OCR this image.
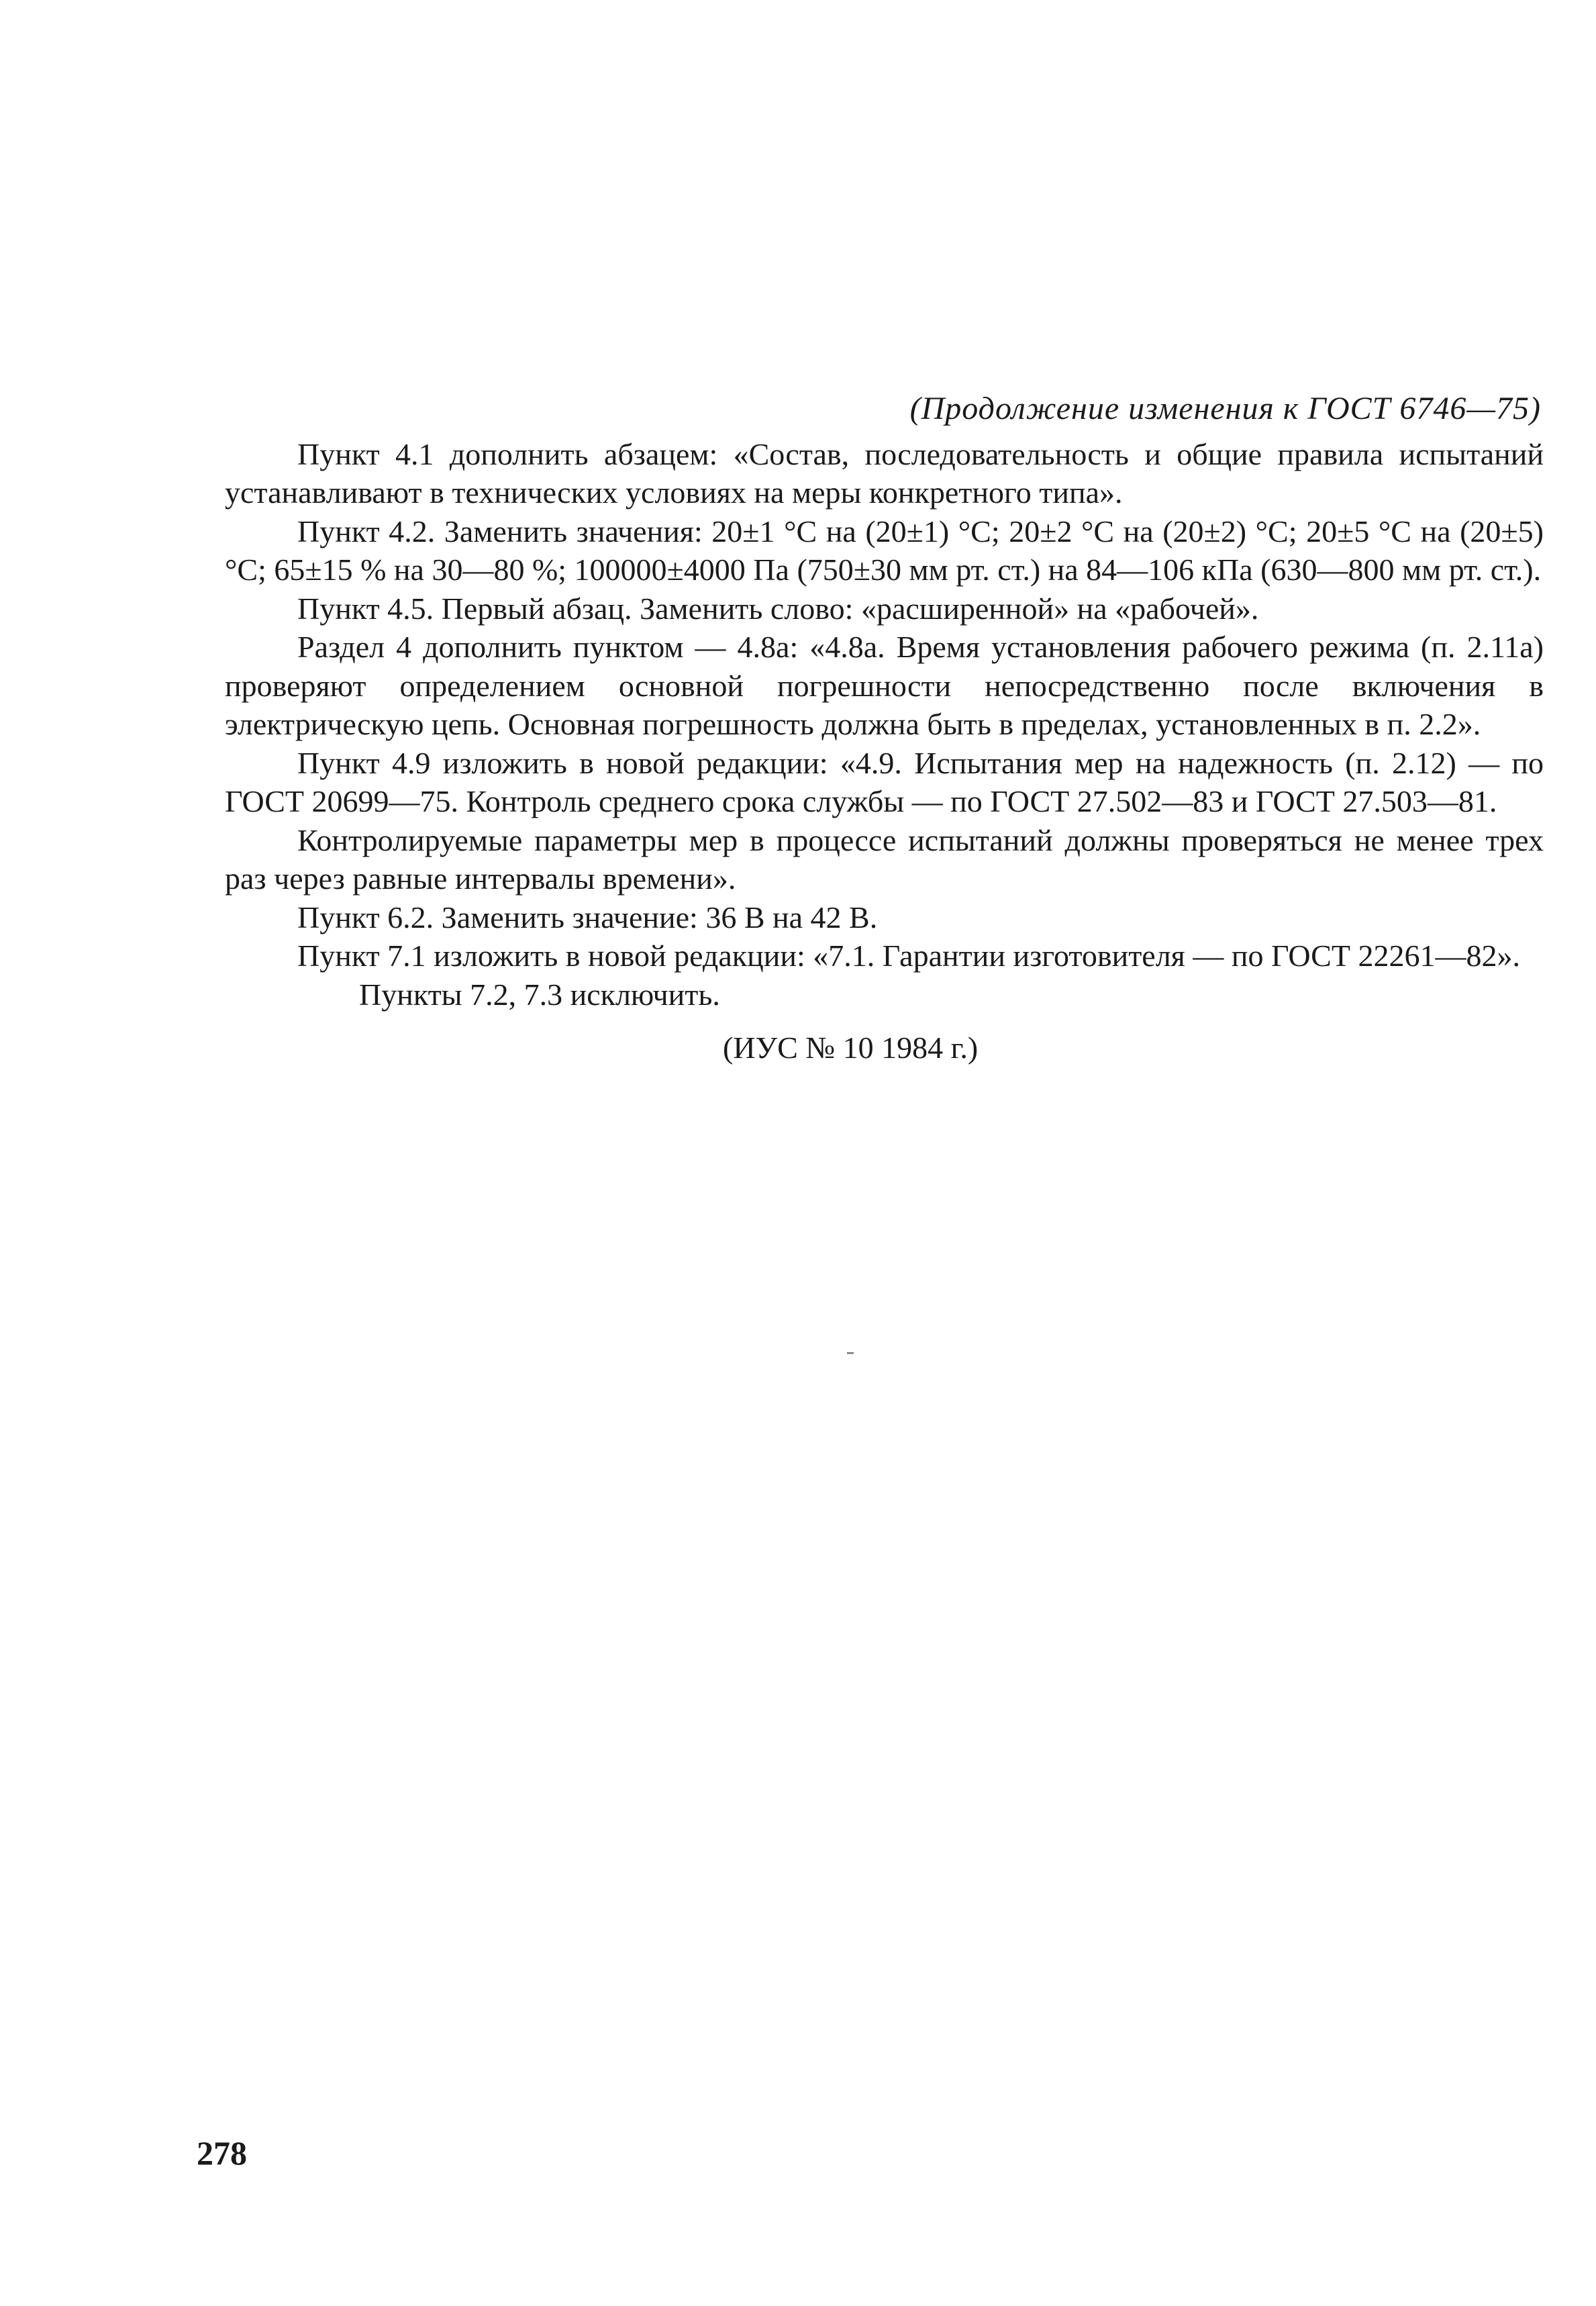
(Продолжение изменения к ГОСТ 6746—75)

Пункт 4.1 дополнить абзацем: «Состав, последовательность и общие правила испытаний устанавливают в технических условиях на меры конкретного типа».

Пункт 4.2. Заменить значения: 20±1 °С на (20±1) °С; 20±2 °С на (20±2) °С; 20±5 °С на (20±5) °С; 65±15 % на 30—80 %; 100000±4000 Па (750±30 мм рт. ст.) на 84—106 кПа (630—800 мм рт. ст.).

Пункт 4.5. Первый абзац. Заменить слово: «расширенной» на «рабочей».

Раздел 4 дополнить пунктом — 4.8а: «4.8а. Время установления рабочего режима (п. 2.11а) проверяют определением основной погрешности непосредственно после включения в электрическую цепь. Основная погрешность должна быть в пределах, установленных в п. 2.2».

Пункт 4.9 изложить в новой редакции: «4.9. Испытания мер на надежность (п. 2.12) — по ГОСТ 20699—75. Контроль среднего срока службы — по ГОСТ 27.502—83 и ГОСТ 27.503—81.

Контролируемые параметры мер в процессе испытаний должны проверяться не менее трех раз через равные интервалы времени».

Пункт 6.2. Заменить значение: 36 В на 42 В.

Пункт 7.1 изложить в новой редакции: «7.1. Гарантии изготовителя — по ГОСТ 22261—82».

Пункты 7.2, 7.3 исключить.

(ИУС № 10 1984 г.)
278
